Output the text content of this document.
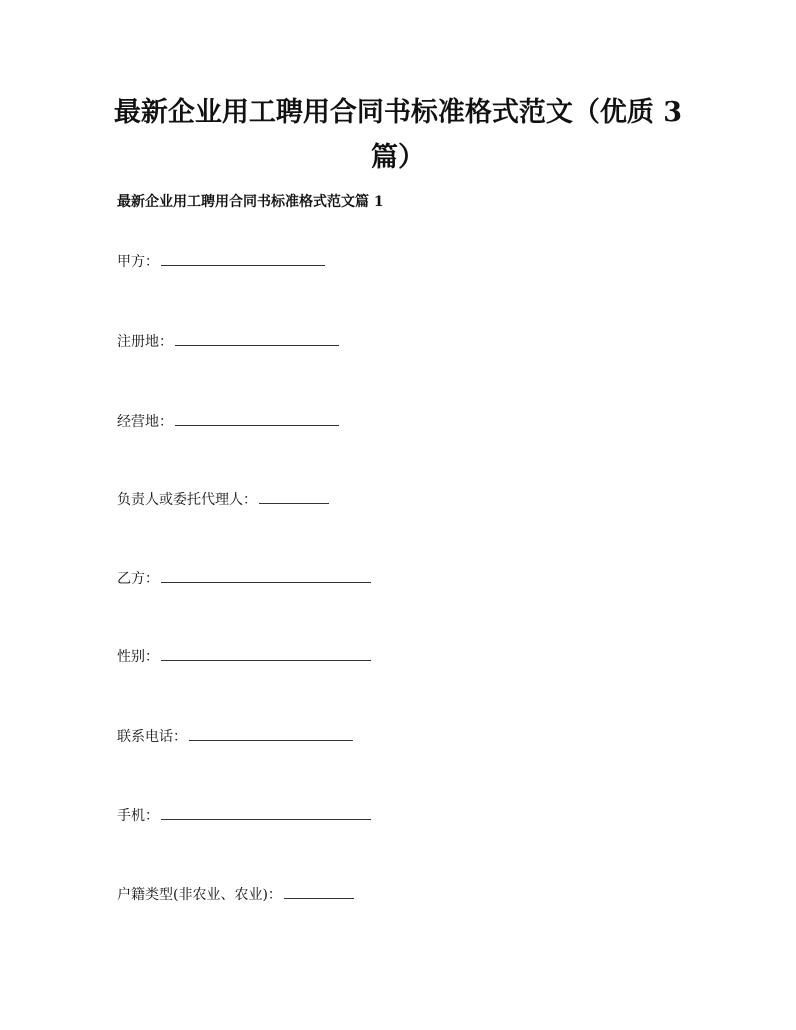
最新企业用工聘用合同书标准格式范文（优质 3 篇）
最新企业用工聘用合同书标准格式范文篇 1
甲方：
注册地：
经营地：
负责人或委托代理人：
乙方：
性别：
联系电话：
手机：
户籍类型(非农业、农业)：
